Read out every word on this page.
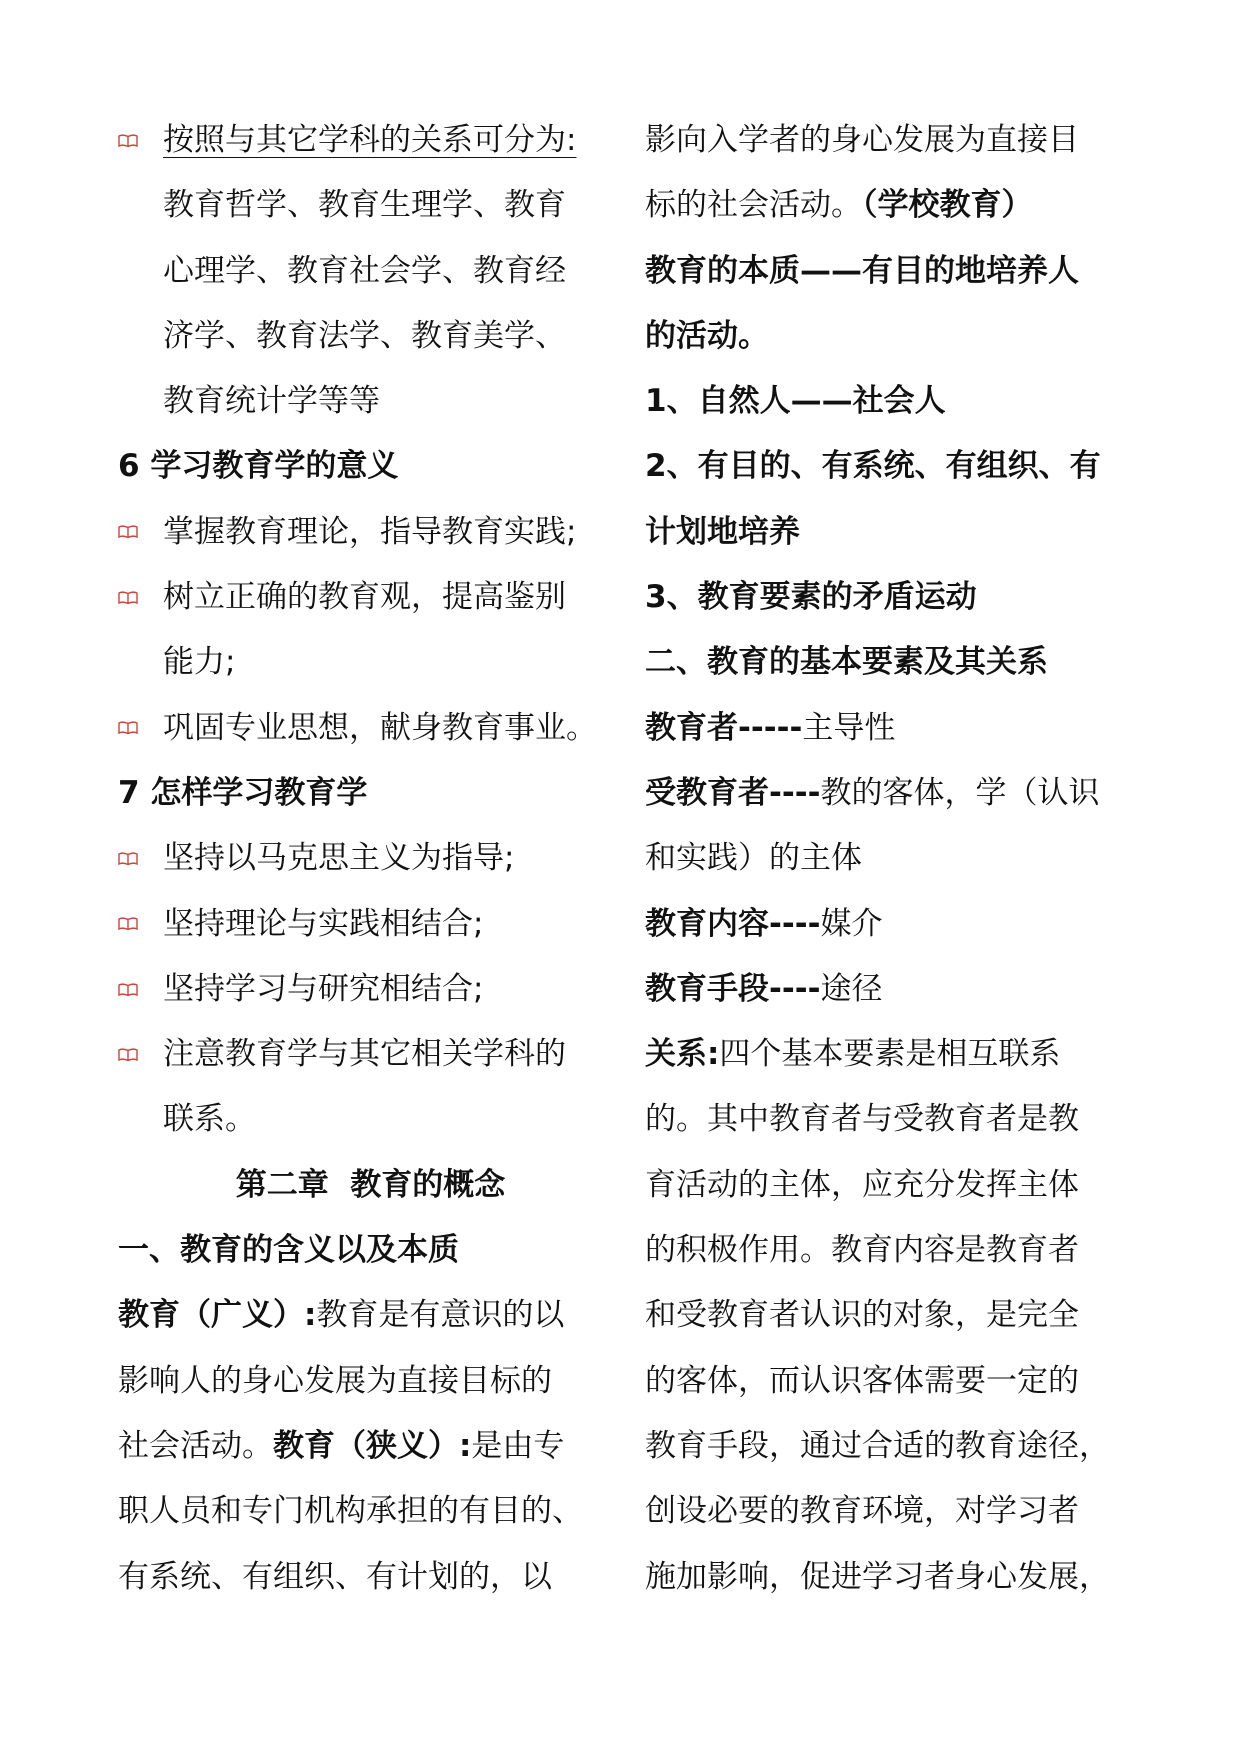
按照与其它学科的关系可分为:
教育哲学、教育生理学、教育
心理学、教育社会学、教育经
济学、教育法学、教育美学、
教育统计学等等
6 学习教育学的意义
掌握教育理论，指导教育实践;
树立正确的教育观，提高鉴别
能力;
巩固专业思想，献身教育事业。
7 怎样学习教育学
坚持以马克思主义为指导;
坚持理论与实践相结合;
坚持学习与研究相结合;
注意教育学与其它相关学科的
联系。
第二章  教育的概念
一、教育的含义以及本质
教育（广义）:教育是有意识的以
影响人的身心发展为直接目标的
社会活动。教育（狭义）:是由专
职人员和专门机构承担的有目的、
有系统、有组织、有计划的，以
影向入学者的身心发展为直接目
标的社会活动。（学校教育）
教育的本质——有目的地培养人
的活动。
1、自然人——社会人
2、有目的、有系统、有组织、有
计划地培养
3、教育要素的矛盾运动
二、教育的基本要素及其关系
教育者-----主导性
受教育者----教的客体，学（认识
和实践）的主体
教育内容----媒介
教育手段----途径
关系:四个基本要素是相互联系
的。其中教育者与受教育者是教
育活动的主体，应充分发挥主体
的积极作用。教育内容是教育者
和受教育者认识的对象，是完全
的客体，而认识客体需要一定的
教育手段，通过合适的教育途径，
创设必要的教育环境，对学习者
施加影响，促进学习者身心发展，
